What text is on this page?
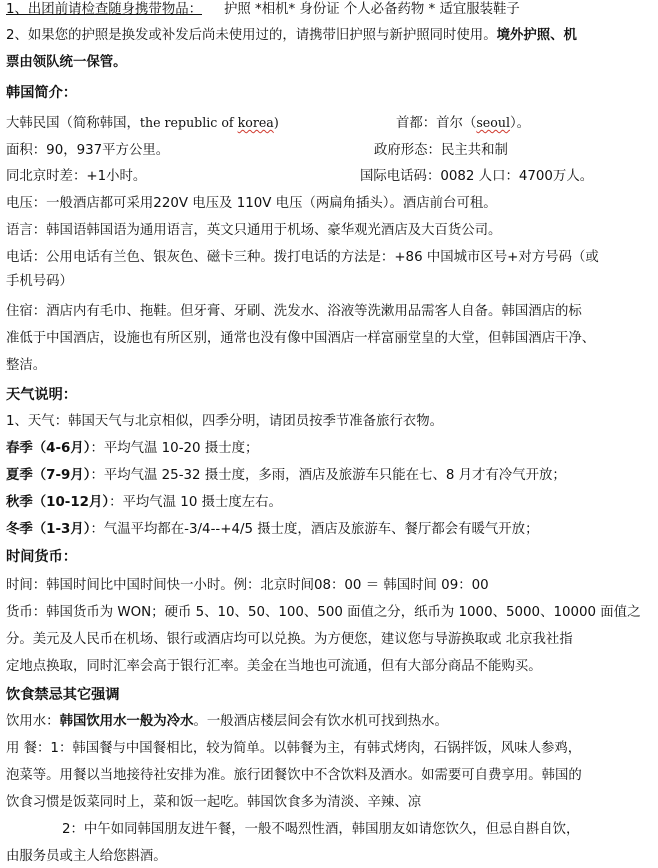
1、出团前请检查随身携带物品： 护照 *相机* 身份证 个人必备药物 * 适宜服装鞋子
2、如果您的护照是换发或补发后尚未使用过的，请携带旧护照与新护照同时使用。境外护照、机
票由领队统一保管。
韩国简介：
大韩民国（简称韩国，the republic of korea)	首都：首尔（seoul）。
面积：90，937平方公里。	政府形态：民主共和制
同北京时差：+1小时。	国际电话码：0082 人口：4700万人。
电压：一般酒店都可采用220V 电压及 110V 电压（两扁角插头）。酒店前台可租。
语言：韩国语韩国语为通用语言，英文只通用于机场、豪华观光酒店及大百货公司。
电话：公用电话有兰色、银灰色、磁卡三种。拨打电话的方法是：+86 中国城市区号+对方号码（或
手机号码）
住宿：酒店内有毛巾、拖鞋。但牙膏、牙刷、洗发水、浴液等洗漱用品需客人自备。韩国酒店的标
准低于中国酒店，设施也有所区别，通常也没有像中国酒店一样富丽堂皇的大堂，但韩国酒店干净、
整洁。
天气说明：
1、天气：韩国天气与北京相似，四季分明，请团员按季节准备旅行衣物。
春季（4-6月）：平均气温 10-20 摄士度；
夏季（7-9月）：平均气温 25-32 摄士度，多雨，酒店及旅游车只能在七、8 月才有冷气开放；
秋季（10-12月）：平均气温 10 摄士度左右。
冬季（1-3月）：气温平均都在-3/4--+4/5 摄士度，酒店及旅游车、餐厅都会有暖气开放；
时间货币：
时间：韩国时间比中国时间快一小时。例：北京时间08：00 ＝ 韩国时间 09：00
货币：韩国货币为 WON；硬币 5、10、50、100、500 面值之分，纸币为 1000、5000、10000 面值之
分。美元及人民币在机场、银行或酒店均可以兑换。为方便您，建议您与导游换取或 北京我社指
定地点换取，同时汇率会高于银行汇率。美金在当地也可流通，但有大部分商品不能购买。
饮食禁忌其它强调
饮用水：韩国饮用水一般为冷水。一般酒店楼层间会有饮水机可找到热水。
用 餐：1：韩国餐与中国餐相比，较为简单。以韩餐为主，有韩式烤肉，石锅拌饭，风味人参鸡，
泡菜等。用餐以当地接待社安排为准。旅行团餐饮中不含饮料及酒水。如需要可自费享用。韩国的
饮食习惯是饭菜同时上，菜和饭一起吃。韩国饮食多为清淡、辛辣、凉
2：中午如同韩国朋友进午餐，一般不喝烈性酒，韩国朋友如请您饮久，但忌自斟自饮，
由服务员或主人给您斟酒。
